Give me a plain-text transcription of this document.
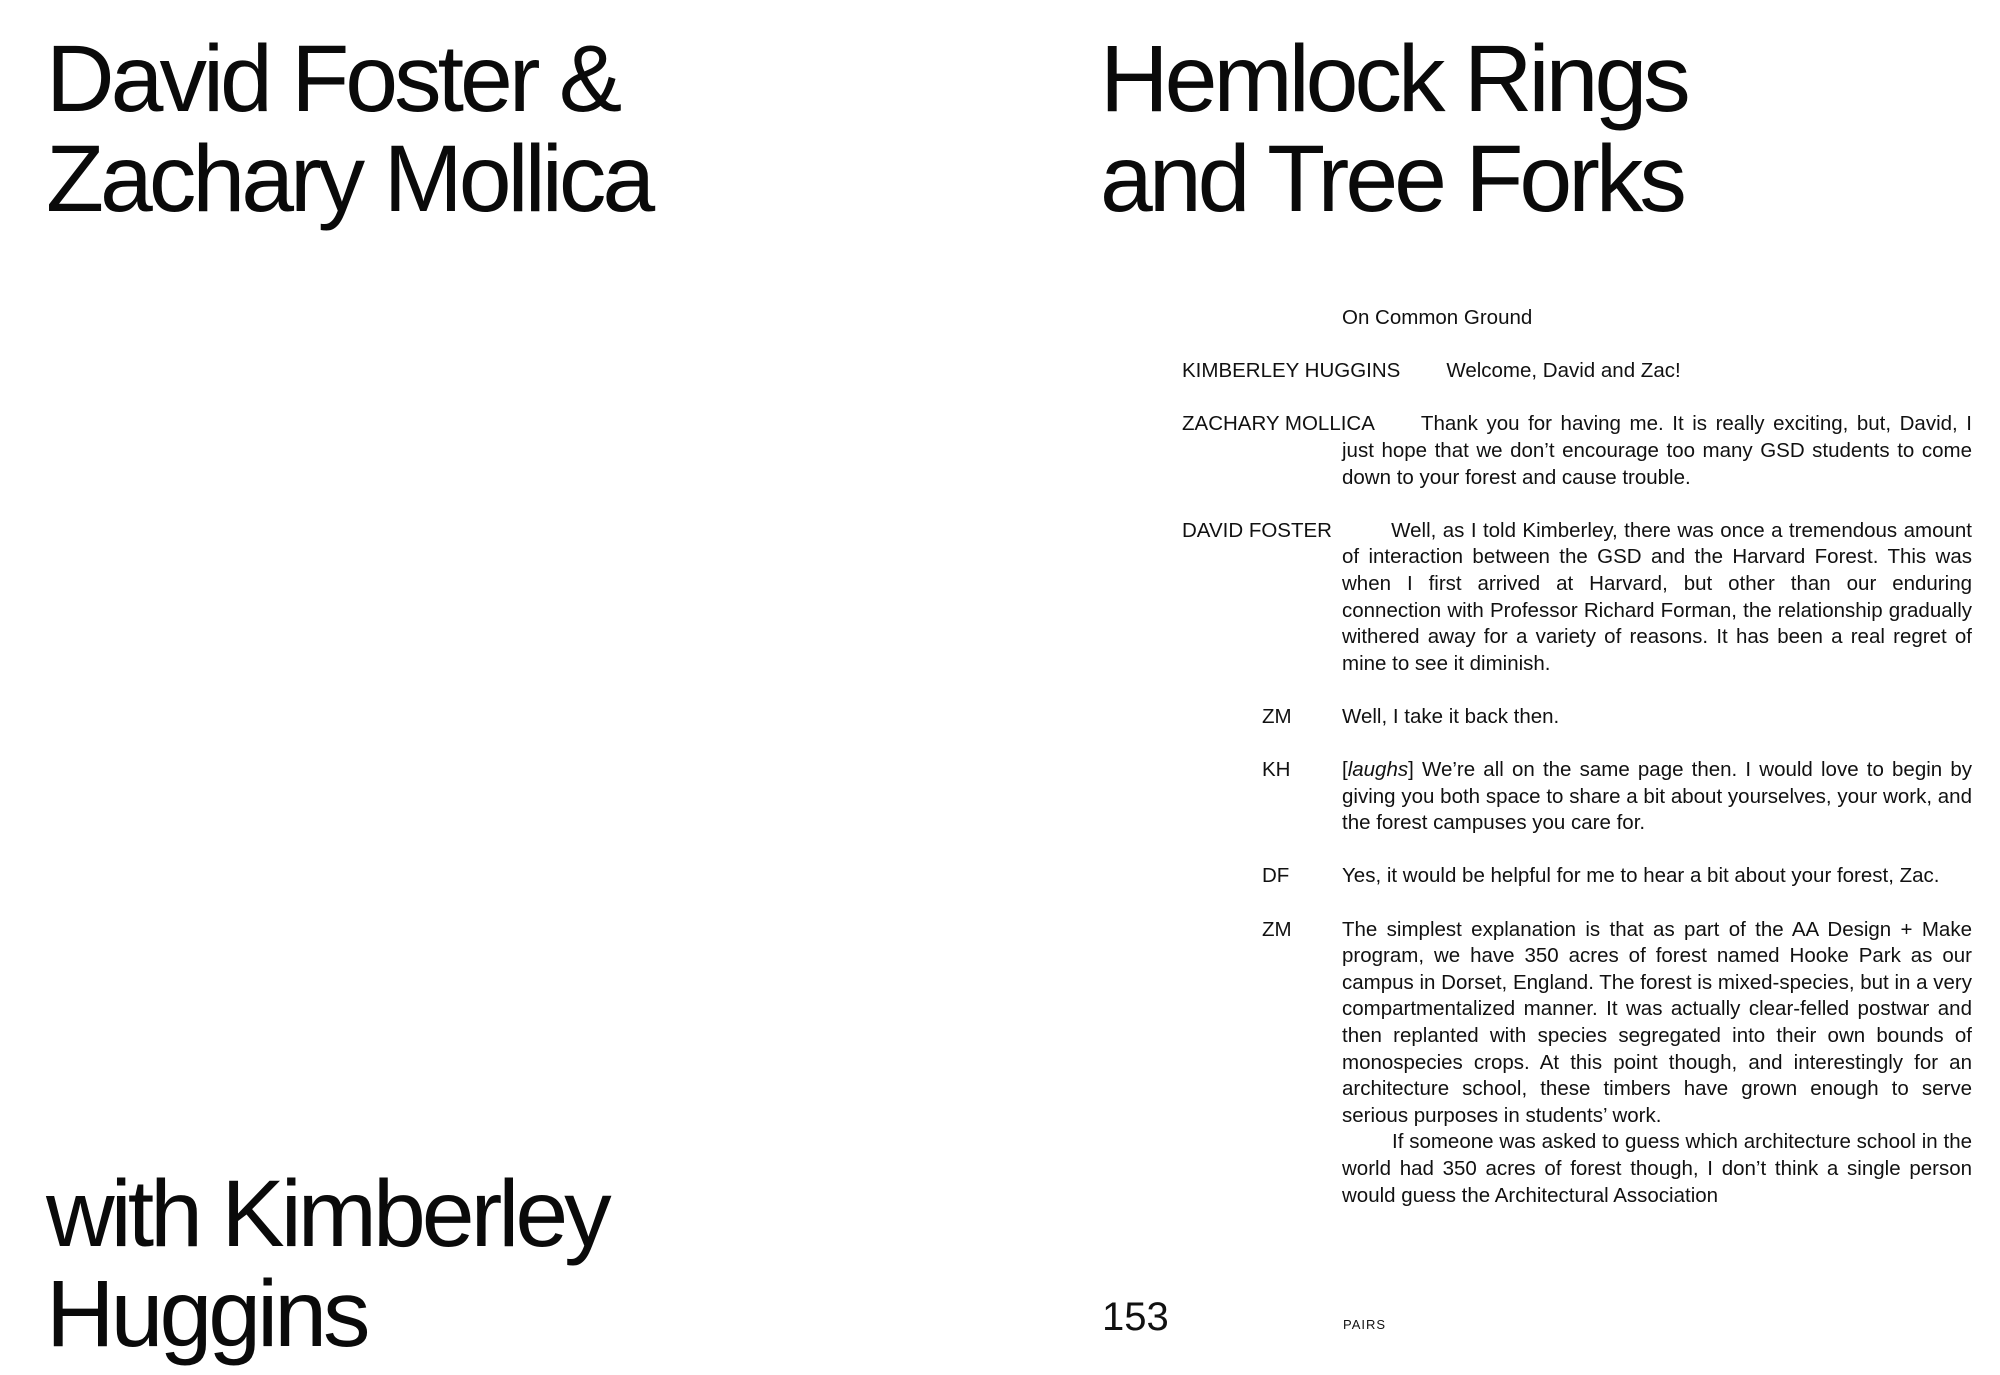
David Foster &
Zachary Mollica
with Kimberley
Huggins
Hemlock Rings
and Tree Forks
On Common Ground

KIMBERLEY HUGGINS Welcome, David and Zac!

ZACHARY MOLLICA Thank you for having me. It is really exciting, but, David, I just hope that we don’t encourage too many GSD students to come down to your forest and cause trouble.

DAVID FOSTER	Well, as I told Kimberley, there was once a tremendous amount of interaction between the GSD and the Harvard Forest. This was when I first arrived at Harvard, but other than our enduring connection with Professor Richard Forman, the relationship gradually withered away for a variety of reasons. It has been a real regret of mine to see it diminish.

ZM	Well, I take it back then.

KH	[laughs] We’re all on the same page then. I would love to begin by giving you both space to share a bit about yourselves, your work, and the forest campuses you care for.

DF	Yes, it would be helpful for me to hear a bit about your forest, Zac.

ZM	The simplest explanation is that as part of the AA Design + Make program, we have 350 acres of forest named Hooke Park as our campus in Dorset, England. The forest is mixed-species, but in a very compartmentalized manner. It was actually clear-felled postwar and then replanted with species segregated into their own bounds of monospecies crops. At this point though, and interestingly for an architecture school, these timbers have grown enough to serve serious purposes in students’ work.

If someone was asked to guess which architecture school in the world had 350 acres of forest though, I don’t think a single person would guess the Architectural Association

153	PAIRS
